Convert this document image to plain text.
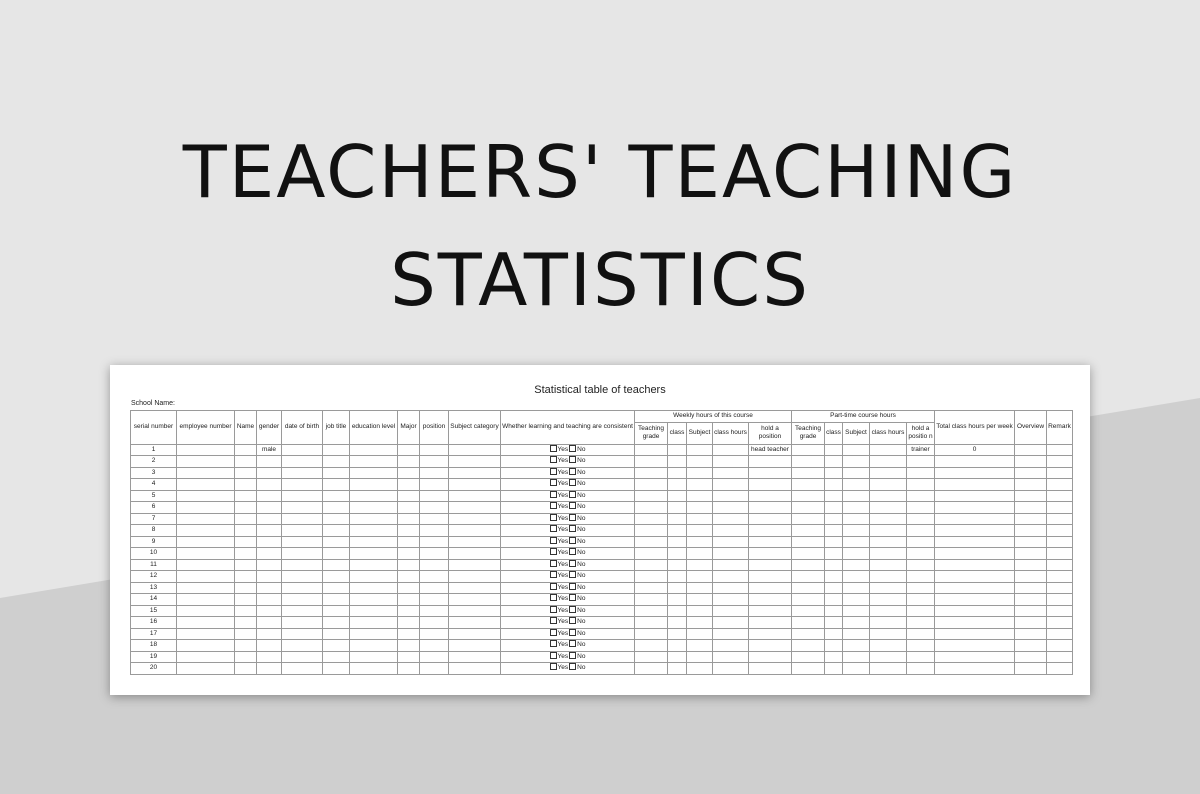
TEACHERS' TEACHING
STATISTICS
Statistical table of teachers
School Name:
serial number	employee number	Name	gender	date of birth	job title	education level	Major	position	Subject category	Whether learning and teaching are consistent	Weekly hours of this course					Part-time course hours					Total class hours per week	Overview	Remark
											Teaching grade	class	Subject	class hours	hold a position	Teaching grade	class	Subject	class hours	hold a positio n			
1			male							Yes No					head teacher					trainer	0		
2										Yes No													
3										Yes No													
4										Yes No													
5										Yes No													
6										Yes No													
7										Yes No													
8										Yes No													
9										Yes No													
10										Yes No													
11										Yes No													
12										Yes No													
13										Yes No													
14										Yes No													
15										Yes No													
16										Yes No													
17										Yes No													
18										Yes No													
19										Yes No													
20										Yes No													
